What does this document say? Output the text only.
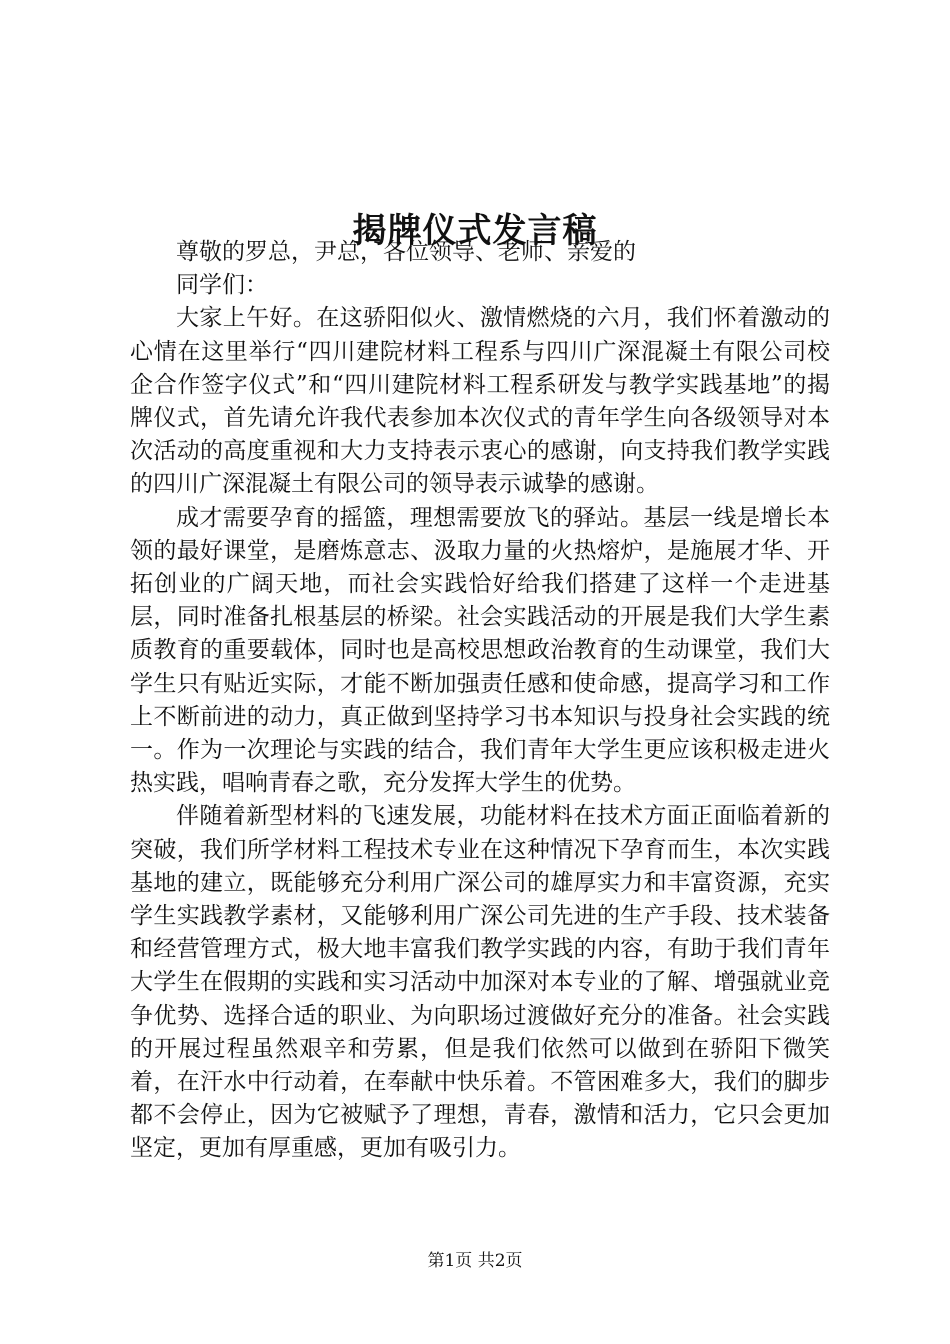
揭牌仪式发言稿
尊敬的罗总，尹总，各位领导、老师、亲爱的
同学们：

大家上午好。在这骄阳似火、激情燃烧的六月，我们怀着激动的心情在这里举行“四川建院材料工程系与四川广深混凝土有限公司校企合作签字仪式”和“四川建院材料工程系研发与教学实践基地”的揭牌仪式，首先请允许我代表参加本次仪式的青年学生向各级领导对本次活动的高度重视和大力支持表示衷心的感谢，向支持我们教学实践的四川广深混凝土有限公司的领导表示诚挚的感谢。

成才需要孕育的摇篮，理想需要放飞的驿站。基层一线是增长本领的最好课堂，是磨炼意志、汲取力量的火热熔炉，是施展才华、开拓创业的广阔天地，而社会实践恰好给我们搭建了这样一个走进基层，同时准备扎根基层的桥梁。社会实践活动的开展是我们大学生素质教育的重要载体，同时也是高校思想政治教育的生动课堂，我们大学生只有贴近实际，才能不断加强责任感和使命感，提高学习和工作上不断前进的动力，真正做到坚持学习书本知识与投身社会实践的统一。作为一次理论与实践的结合，我们青年大学生更应该积极走进火热实践，唱响青春之歌，充分发挥大学生的优势。

伴随着新型材料的飞速发展，功能材料在技术方面正面临着新的突破，我们所学材料工程技术专业在这种情况下孕育而生，本次实践基地的建立，既能够充分利用广深公司的雄厚实力和丰富资源，充实学生实践教学素材，又能够利用广深公司先进的生产手段、技术装备和经营管理方式，极大地丰富我们教学实践的内容，有助于我们青年大学生在假期的实践和实习活动中加深对本专业的了解、增强就业竞争优势、选择合适的职业、为向职场过渡做好充分的准备。社会实践的开展过程虽然艰辛和劳累，但是我们依然可以做到在骄阳下微笑着，在汗水中行动着，在奉献中快乐着。不管困难多大，我们的脚步都不会停止，因为它被赋予了理想，青春，激情和活力，它只会更加坚定，更加有厚重感，更加有吸引力。

第1页 共2页
